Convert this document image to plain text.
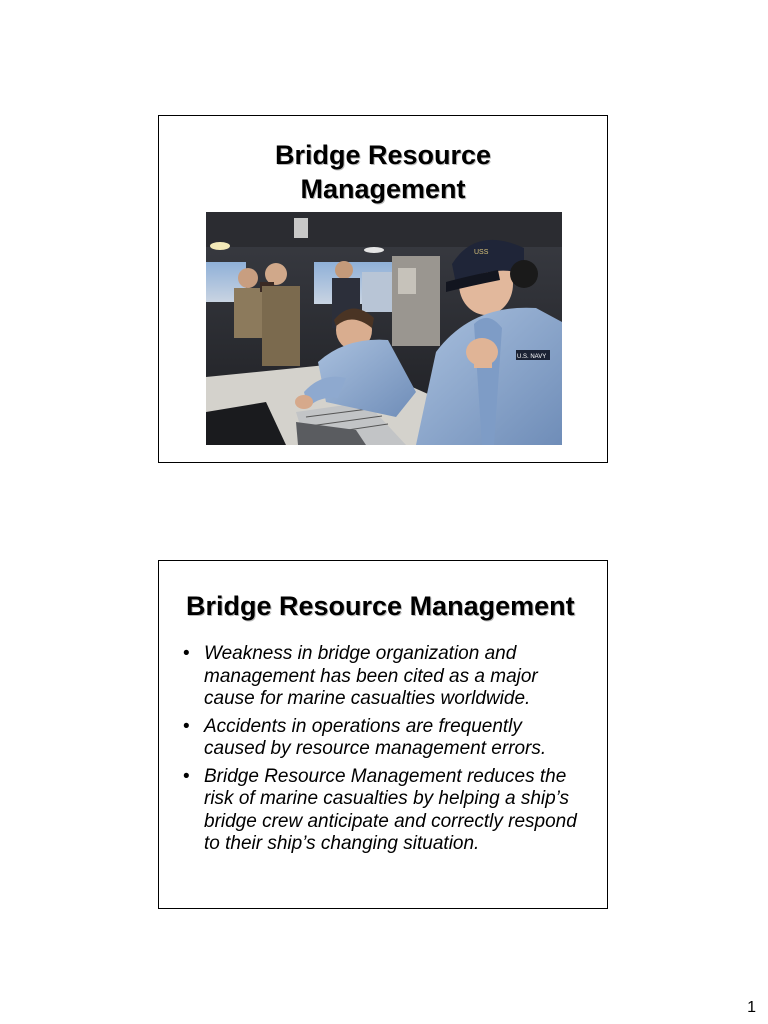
Bridge Resource
Management
USS
U.S. NAVY
Bridge Resource Management
• Weakness in bridge organization and management has been cited as a major cause for marine casualties worldwide.
• Accidents in operations are frequently caused by resource management errors.
• Bridge Resource Management reduces the risk of marine casualties by helping a ship’s bridge crew anticipate and correctly respond to their ship’s changing situation.
1
